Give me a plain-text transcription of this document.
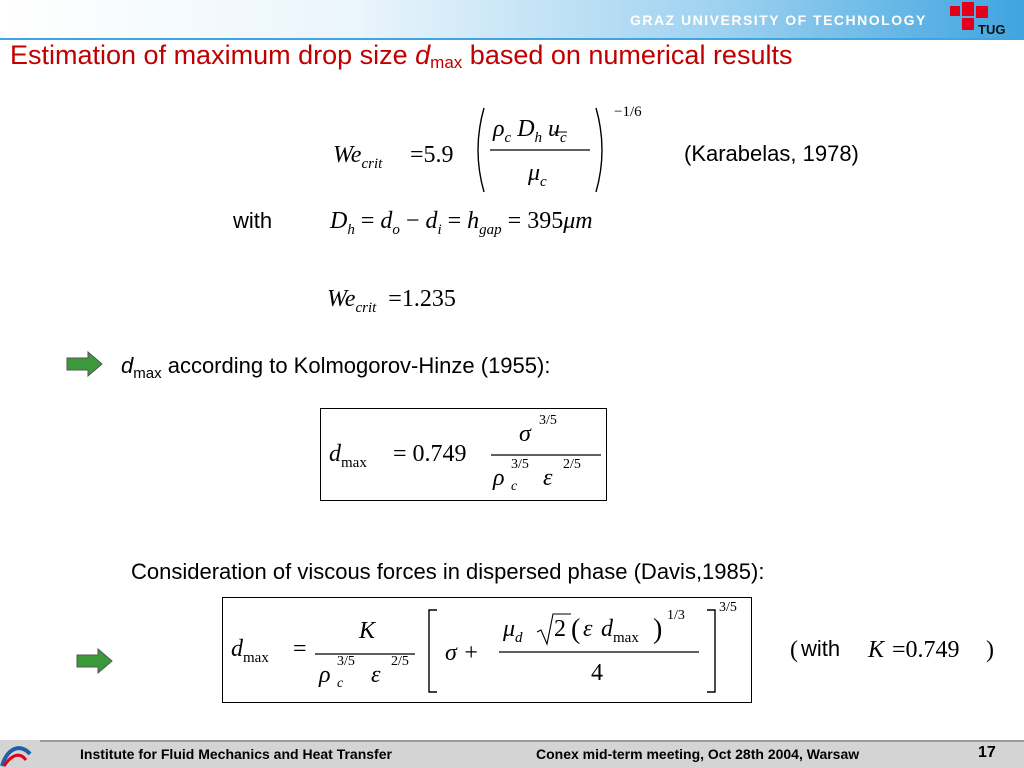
GRAZ UNIVERSITY OF TECHNOLOGY
TUG
Estimation of maximum drop size $d_{max}$ based on numerical results
$We_{crit} =5.9$
$\rho_c$ $D_h$ $u_c$
$\mu_c$
−1/6
(Karabelas, 1978)
with $D_h = d_o - d_i = h_{gap} = 395\mu m$
$We_{crit} =1.235$
$d_{max}$ according to Kolmogorov-Hinze (1955):
$d_{max} = 0.749$
σ
3/5
ρ
3/5
c ε
2/5
Consideration of viscous forces in dispersed phase (Davis,1985):
$d_{max}$ =
K
ρ
3/5
c ε
2/5 σ +
$\mu_d$ 2 ( ε $d_{max}$ ) 1/3
4
3/5
( with K =0.749 )
Institute for Fluid Mechanics and Heat Transfer	Conex mid-term meeting, Oct 28th 2004, Warsaw	17
